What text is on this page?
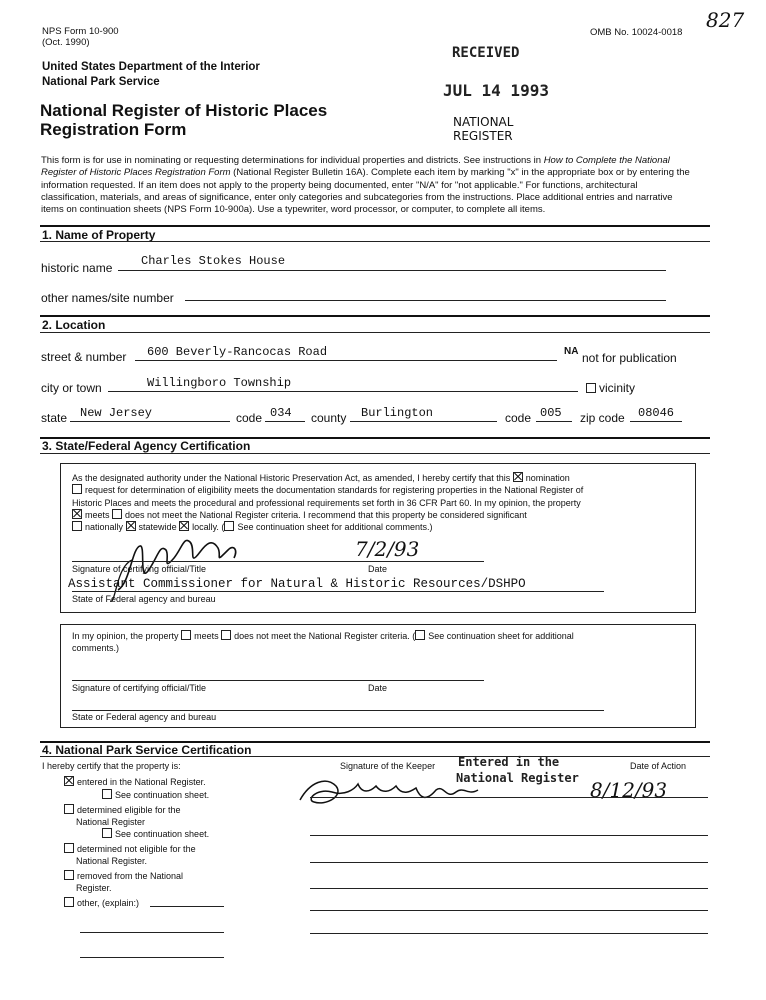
NPS Form 10-900
(Oct. 1990)
OMB No. 10024-0018
827
United States Department of the Interior
National Park Service
National Register of Historic Places
Registration Form
RECEIVED
JUL 14 1993
NATIONAL
REGISTER
This form is for use in nominating or requesting determinations for individual properties and districts. See instructions in How to Complete the National Register of Historic Places Registration Form (National Register Bulletin 16A). Complete each item by marking "x" in the appropriate box or by entering the information requested. If an item does not apply to the property being documented, enter "N/A" for "not applicable." For functions, architectural classification, materials, and areas of significance, enter only categories and subcategories from the instructions. Place additional entries and narrative items on continuation sheets (NPS Form 10-900a). Use a typewriter, word processor, or computer, to complete all items.
1. Name of Property
historic name Charles Stokes House
other names/site number
2. Location
street & number 600 Beverly-Rancocas Road	NA not for publication
city or town	Willingboro Township	vicinity
state New Jersey	code 034 county Burlington	code 005 zip code 08046
3. State/Federal Agency Certification
As the designated authority under the National Historic Preservation Act, as amended, I hereby certify that this nomination
request for determination of eligibility meets the documentation standards for registering properties in the National Register of
Historic Places and meets the procedural and professional requirements set forth in 36 CFR Part 60. In my opinion, the property
meets does not meet the National Register criteria. I recommend that this property be considered significant
nationally statewide locally. ( See continuation sheet for additional comments.)
7/2/93
Signature of certifying official/Title	Date
Assistant Commissioner for Natural & Historic Resources/DSHPO
State of Federal agency and bureau
In my opinion, the property meets does not meet the National Register criteria. ( See continuation sheet for additional
comments.)
Signature of certifying official/Title	Date
State or Federal agency and bureau
4. National Park Service Certification
I hereby certify that the property is:	Signature of the Keeper	Date of Action
Entered in the
National Register 8/12/93
entered in the National Register.
See continuation sheet.
determined eligible for the
National Register
See continuation sheet.
determined not eligible for the
National Register.
removed from the National
Register.
other, (explain:)
